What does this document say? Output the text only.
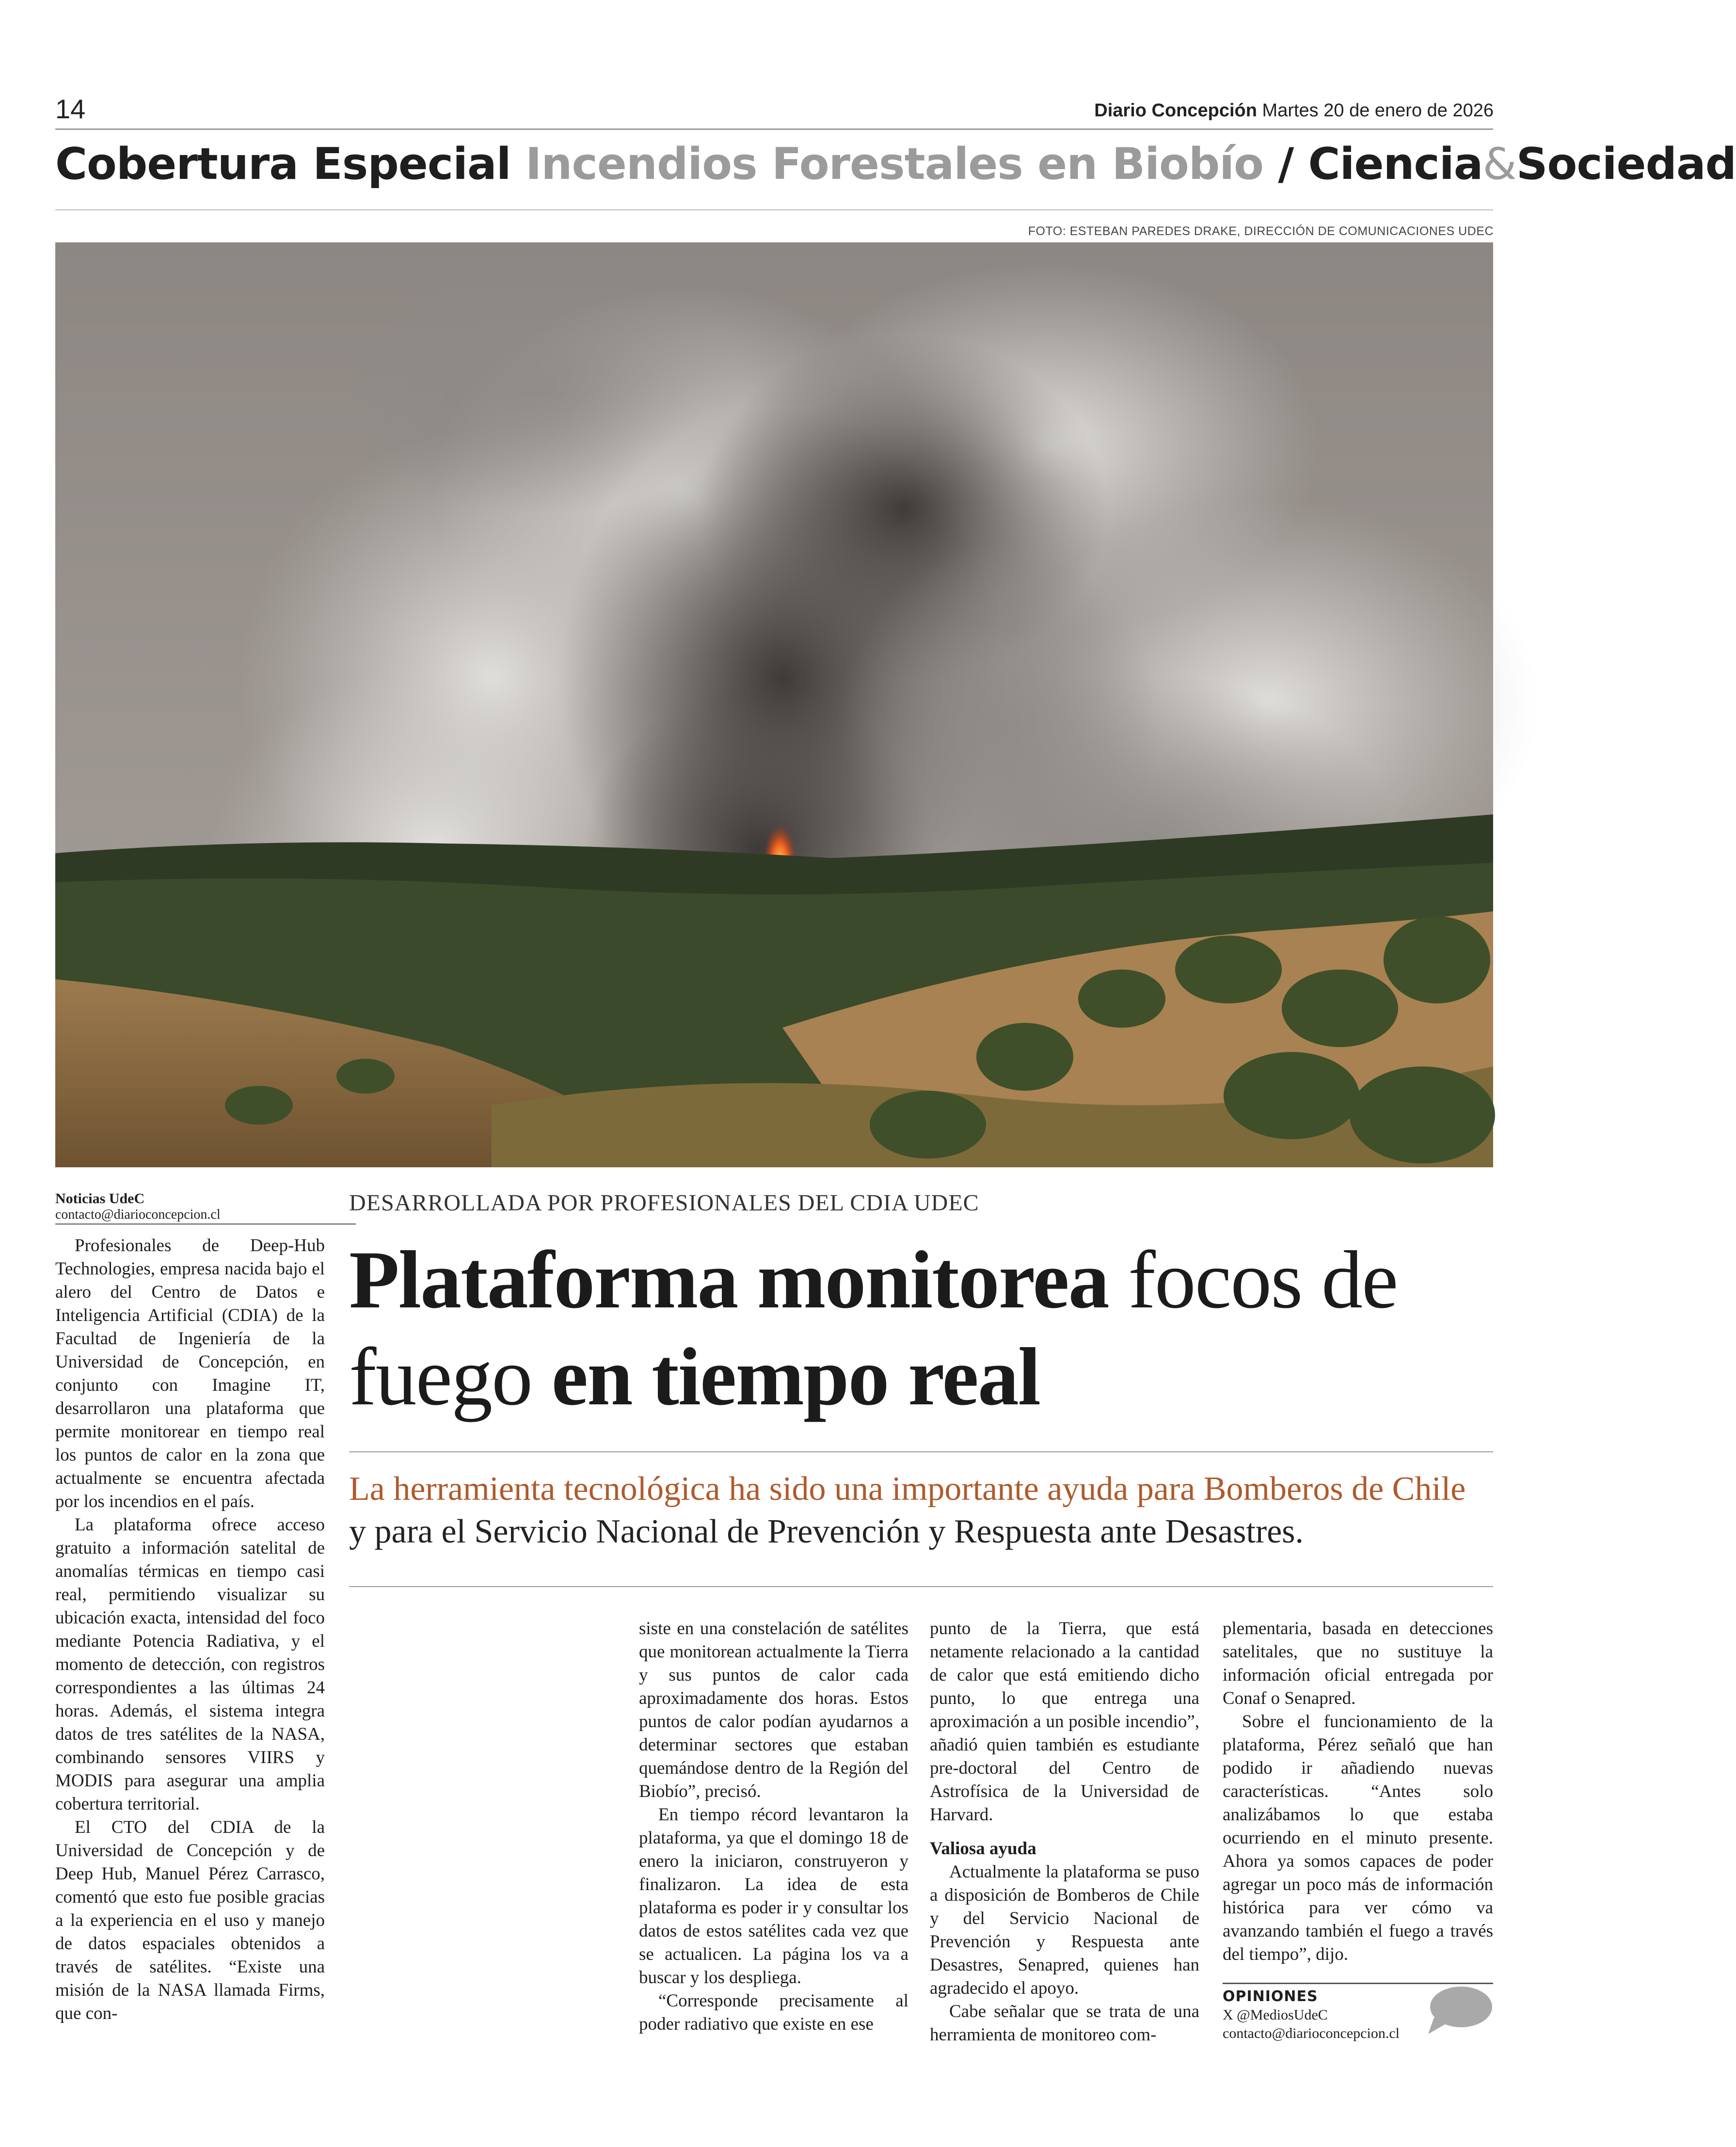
14	Diario Concepción Martes 20 de enero de 2026
Cobertura Especial Incendios Forestales en Biobío / Ciencia&Sociedad
FOTO: ESTEBAN PAREDES DRAKE, DIRECCIÓN DE COMUNICACIONES UDEC
Noticias UdeC
contacto@diarioconcepcion.cl	DESARROLLADA POR PROFESIONALES DEL CDIA UDEC
Plataforma monitorea focos de fuego en tiempo real
La herramienta tecnológica ha sido una importante ayuda para Bomberos de Chile y para el Servicio Nacional de Prevención y Respuesta ante Desastres.

Profesionales de Deep-Hub Technologies, empresa nacida bajo el alero del Centro de Datos e Inteligencia Artificial (CDIA) de la Facultad de Ingeniería de la Universidad de Concepción, en conjunto con Imagine IT, desarrollaron una plataforma que permite monitorear en tiempo real los puntos de calor en la zona que actualmente se encuentra afectada por los incendios en el país.

La plataforma ofrece acceso gratuito a información satelital de anomalías térmicas en tiempo casi real, permitiendo visualizar su ubicación exacta, intensidad del foco mediante Potencia Radiativa, y el momento de detección, con registros correspondientes a las últimas 24 horas. Además, el sistema integra datos de tres satélites de la NASA, combinando sensores VIIRS y MODIS para asegurar una amplia cobertura territorial.

El CTO del CDIA de la Universidad de Concepción y de Deep Hub, Manuel Pérez Carrasco, comentó que esto fue posible gracias a la experiencia en el uso y manejo de datos espaciales obtenidos a través de satélites. “Existe una misión de la NASA llamada Firms, que con-

siste en una constelación de satélites que monitorean actualmente la Tierra y sus puntos de calor cada aproximadamente dos horas. Estos puntos de calor podían ayudarnos a determinar sectores que estaban quemándose dentro de la Región del Biobío”, precisó.

En tiempo récord levantaron la plataforma, ya que el domingo 18 de enero la iniciaron, construyeron y finalizaron. La idea de esta plataforma es poder ir y consultar los datos de estos satélites cada vez que se actualicen. La página los va a buscar y los despliega.

“Corresponde precisamente al poder radiativo que existe en ese

punto de la Tierra, que está netamente relacionado a la cantidad de calor que está emitiendo dicho punto, lo que entrega una aproximación a un posible incendio”, añadió quien también es estudiante pre-doctoral del Centro de Astrofísica de la Universidad de Harvard.

Valiosa ayuda

Actualmente la plataforma se puso a disposición de Bomberos de Chile y del Servicio Nacional de Prevención y Respuesta ante Desastres, Senapred, quienes han agradecido el apoyo.

Cabe señalar que se trata de una herramienta de monitoreo com-

plementaria, basada en detecciones satelitales, que no sustituye la información oficial entregada por Conaf o Senapred.

Sobre el funcionamiento de la plataforma, Pérez señaló que han podido ir añadiendo nuevas características. “Antes solo analizábamos lo que estaba ocurriendo en el minuto presente. Ahora ya somos capaces de poder agregar un poco más de información histórica para ver cómo va avanzando también el fuego a través del tiempo”, dijo.

OPINIONES
X @MediosUdeC
contacto@diarioconcepcion.cl
